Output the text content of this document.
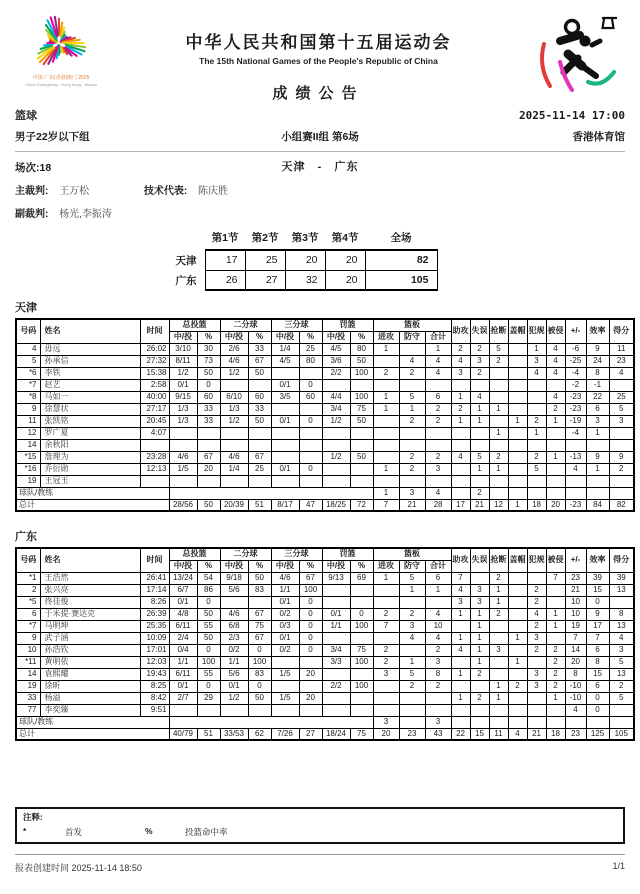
中国·广东|香港|澳门 2025
China Guangdong · Hong Kong · Macao
中华人民共和国第十五届运动会
The 15th National Games of the People's Republic of China
成绩公告
篮球	2025-11-14 17:00
男子22岁以下组	小组赛II组 第6场	香港体育馆
场次:18	天津 - 广东
主裁判: 王万松	技术代表: 陈庆胜
副裁判: 杨光,李振涛
	第1节	第2节	第3节	第4节	全场
天津	17	25	20	20	82
广东	26	27	32	20	105
天津
号码	姓名	时间	总投篮		二分球		三分球		罚篮		篮板			助攻	失误	抢断	盖帽	犯规	被侵	+/-	效率	得分
			中/投	%	中/投	%	中/投	%	中/投	%	进攻	防守	合计									
4	毋远	26:02	3/10	30	2/6	33	1/4	25	4/5	80	1		1	2	2	5		1	4	-6	9	11
5	孙承信	27:32	8/11	73	4/6	67	4/5	80	3/6	50		4	4	4	3	2		3	4	-25	24	23
*6	李铁	15:38	1/2	50	1/2	50			2/2	100	2	2	4	3	2			4	4	-4	8	4
*7	赵艺	2:58	0/1	0			0/1	0												-2	-1	
*8	马如一	40:00	9/15	60	6/10	60	3/5	60	4/4	100	1	5	6	1	4				4	-23	22	25
9	徐慧状	27:17	1/3	33	1/3	33			3/4	75	1	1	2	2	1	1			2	-23	6	5
11	张凯铭	20:45	1/3	33	1/2	50	0/1	0	1/2	50		2	2	1	1		1	2	1	-19	3	3
12	罗广夏	4:07														1		1		-4	1	
14	余秋阳																					
*15	詹理为	23:28	4/6	67	4/6	67			1/2	50		2	2	4	5	2		2	1	-13	9	9
*16	乔衍勋	12:13	1/5	20	1/4	25	0/1	0			1	2	3		1	1		5		4	1	2
19	王冠玉																					
球队/教练											1	3	4		2							
总计			28/56	50	20/39	51	8/17	47	18/25	72	7	21	28	17	21	12	1	18	20	-23	84	82
广东
号码	姓名	时间	总投篮		二分球		三分球		罚篮		篮板			助攻	失误	抢断	盖帽	犯规	被侵	+/-	效率	得分
			中/投	%	中/投	%	中/投	%	中/投	%	进攻	防守	合计									
*1	王浩然	26:41	13/24	54	9/18	50	4/6	67	9/13	69	1	5	6	7		2			7	23	39	39
2	张兴亮	17:14	6/7	86	5/6	83	1/1	100				1	1	4	3	1		2		21	15	13
*5	佟佳俊	8:26	0/1	0			0/1	0						3	3	1		2		10	0	
6	于米提·赛达克	26:39	4/8	50	4/6	67	0/2	0	0/1	0	2	2	4	1	1	2		4	1	10	9	8
*7	马明坤	25:35	6/11	55	6/8	75	0/3	0	1/1	100	7	3	10		1			2	1	19	17	13
9	武子涵	10:09	2/4	50	2/3	67	0/1	0				4	4	1	1		1	3		7	7	4
10	孙浩钦	17:01	0/4	0	0/2	0	0/2	0	3/4	75	2		2	4	1	3		2	2	14	6	3
*11	黄明依	12:03	1/1	100	1/1	100			3/3	100	2	1	3		1		1		2	20	8	5
14	袁熙耀	19:43	6/11	55	5/6	83	1/5	20			3	5	8	1	2			3	2	8	15	13
19	徐昕	8:25	0/1	0	0/1	0			2/2	100		2	2			1	2	3	2	-10	6	2
33	杨溢	8:42	2/7	29	1/2	50	1/5	20						1	2	1			1	-10	0	5
77	李奕臻	9:51																		4	0	
球队/教练											3		3									
总计			40/79	51	33/53	62	7/26	27	18/24	75	20	23	43	22	15	11	4	21	18	23	125	105
注释:
*	首发	%	投篮命中率
报表创建时间 2025-11-14 18:50	1/1
